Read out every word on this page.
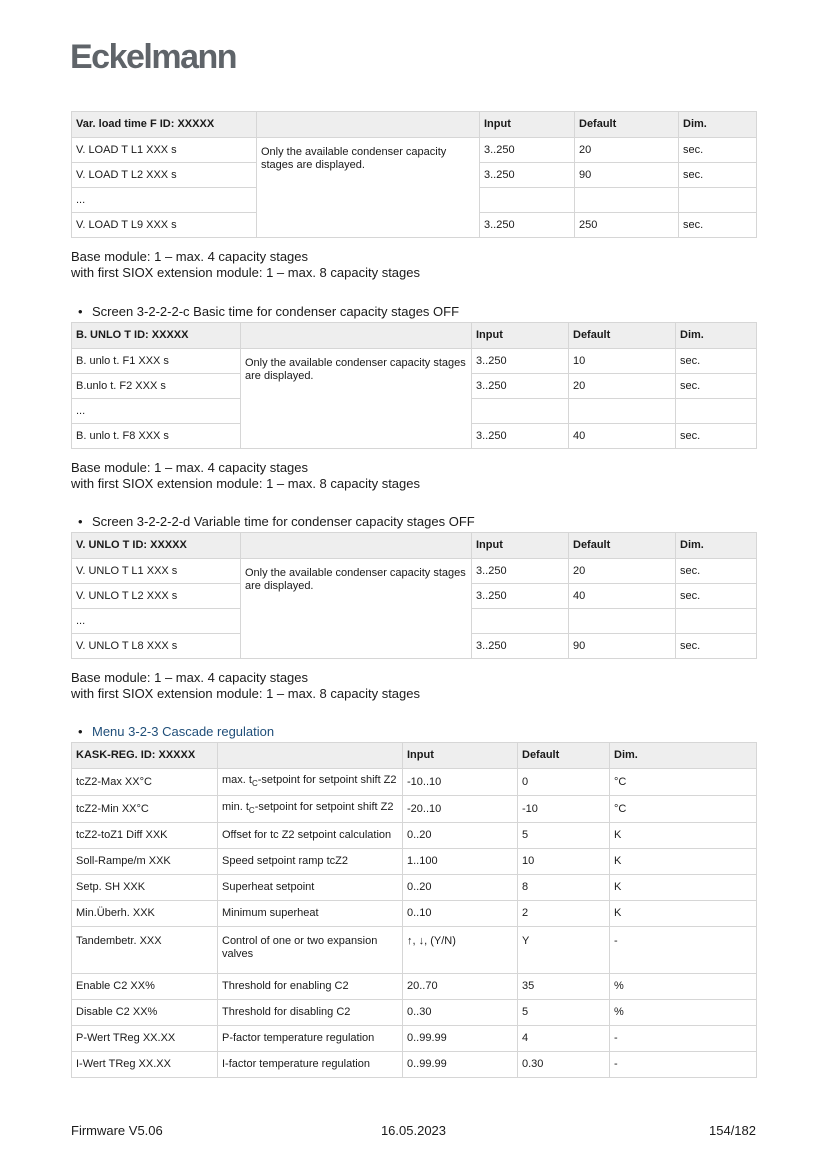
Eckelmann
Var. load time F ID: XXXXX		Input	Default	Dim.
V. LOAD T L1 XXX s	Only the available condenser capacity stages are displayed.	3..250	20	sec.
V. LOAD T L2 XXX s		3..250	90	sec.
...				
V. LOAD T L9 XXX s		3..250	250	sec.
Base module: 1 – max. 4 capacity stages
with first SIOX extension module: 1 – max. 8 capacity stages
• Screen 3-2-2-2-c Basic time for condenser capacity stages OFF
B. UNLO T ID: XXXXX		Input	Default	Dim.
B. unlo t. F1 XXX s	Only the available condenser capacity stages are displayed.	3..250	10	sec.
B.unlo t. F2 XXX s		3..250	20	sec.
...				
B. unlo t. F8 XXX s		3..250	40	sec.
Base module: 1 – max. 4 capacity stages
with first SIOX extension module: 1 – max. 8 capacity stages
• Screen 3-2-2-2-d Variable time for condenser capacity stages OFF
V. UNLO T ID: XXXXX		Input	Default	Dim.
V. UNLO T L1 XXX s	Only the available condenser capacity stages are displayed.	3..250	20	sec.
V. UNLO T L2 XXX s		3..250	40	sec.
...				
V. UNLO T L8 XXX s		3..250	90	sec.
Base module: 1 – max. 4 capacity stages
with first SIOX extension module: 1 – max. 8 capacity stages
• Menu 3-2-3 Cascade regulation
KASK-REG. ID: XXXXX		Input	Default	Dim.
tcZ2-Max XX°C	max. $t_C$-setpoint for setpoint shift Z2	-10..10	0	°C
tcZ2-Min XX°C	min. $t_C$-setpoint for setpoint shift Z2	-20..10	-10	°C
tcZ2-toZ1 Diff XXK	Offset for tc Z2 setpoint calculation	0..20	5	K
Soll-Rampe/m XXK	Speed setpoint ramp tcZ2	1..100	10	K
Setp. SH XXK	Superheat setpoint	0..20	8	K
Min.Überh. XXK	Minimum superheat	0..10	2	K
Tandembetr. XXX	Control of one or two expansion valves	↑, ↓, (Y/N)	Y	-
Enable C2 XX%	Threshold for enabling C2	20..70	35	%
Disable C2 XX%	Threshold for disabling C2	0..30	5	%
P-Wert TReg XX.XX	P-factor temperature regulation	0..99.99	4	-
I-Wert TReg XX.XX	I-factor temperature regulation	0..99.99	0.30	-
Firmware V5.06	16.05.2023	154/182
